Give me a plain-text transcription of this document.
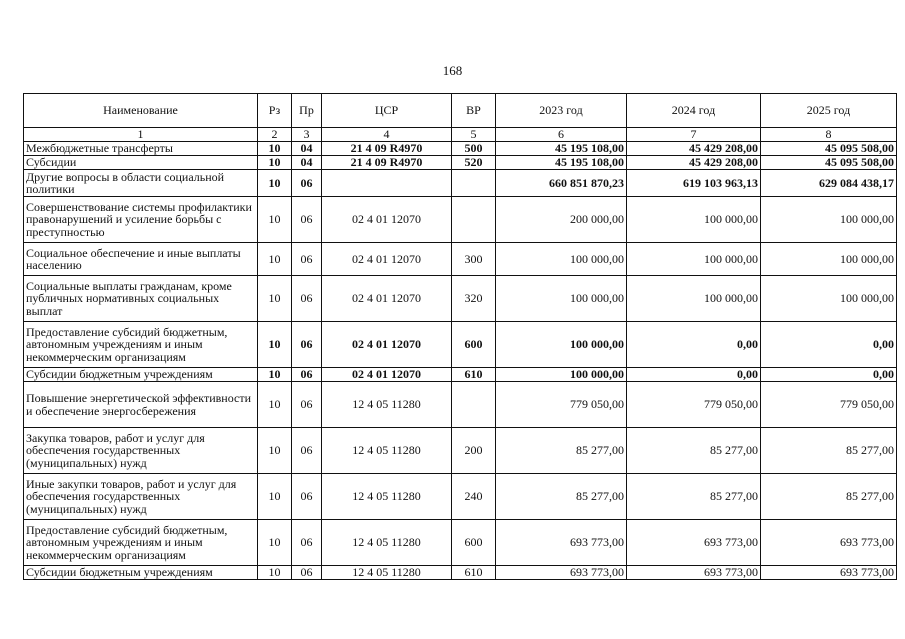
168
Наименование	Рз	Пр	ЦСР	ВР	2023 год	2024 год	2025 год
1	2	3	4	5	6	7	8
Межбюджетные трансферты	10	04	21 4 09 R4970	500	45 195 108,00	45 429 208,00	45 095 508,00
Субсидии	10	04	21 4 09 R4970	520	45 195 108,00	45 429 208,00	45 095 508,00
Другие вопросы в области социальной политики	10	06			660 851 870,23	619 103 963,13	629 084 438,17
Совершенствование системы профилактики правонарушений и усиление борьбы с преступностью	10	06	02 4 01 12070		200 000,00	100 000,00	100 000,00
Социальное обеспечение и иные выплаты населению	10	06	02 4 01 12070	300	100 000,00	100 000,00	100 000,00
Социальные выплаты гражданам, кроме публичных нормативных социальных выплат	10	06	02 4 01 12070	320	100 000,00	100 000,00	100 000,00
Предоставление субсидий бюджетным, автономным учреждениям и иным некоммерческим организациям	10	06	02 4 01 12070	600	100 000,00	0,00	0,00
Субсидии бюджетным учреждениям	10	06	02 4 01 12070	610	100 000,00	0,00	0,00
Повышение энергетической эффективности и обеспечение энергосбережения	10	06	12 4 05 11280		779 050,00	779 050,00	779 050,00
Закупка товаров, работ и услуг для обеспечения государственных (муниципальных) нужд	10	06	12 4 05 11280	200	85 277,00	85 277,00	85 277,00
Иные закупки товаров, работ и услуг для обеспечения государственных (муниципальных) нужд	10	06	12 4 05 11280	240	85 277,00	85 277,00	85 277,00
Предоставление субсидий бюджетным, автономным учреждениям и иным некоммерческим организациям	10	06	12 4 05 11280	600	693 773,00	693 773,00	693 773,00
Субсидии бюджетным учреждениям	10	06	12 4 05 11280	610	693 773,00	693 773,00	693 773,00
